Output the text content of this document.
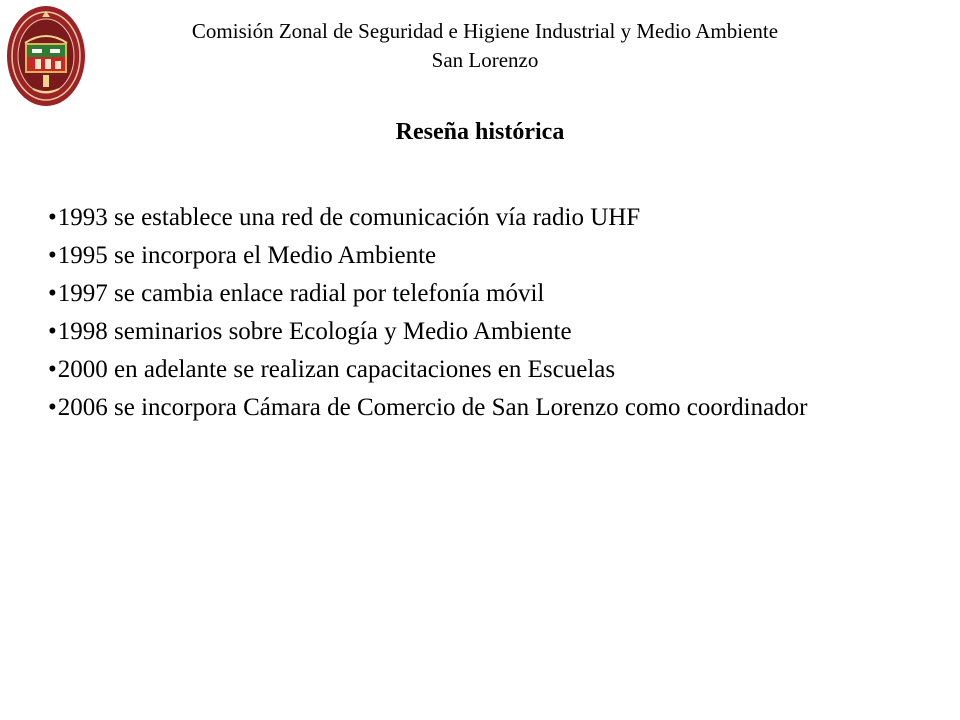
Comisión Zonal de Seguridad e Higiene Industrial y Medio Ambiente
San Lorenzo
Reseña histórica
• 1993 se establece una red de comunicación vía radio UHF
• 1995 se incorpora el Medio Ambiente
• 1997 se cambia enlace radial por telefonía móvil
• 1998 seminarios sobre Ecología y Medio Ambiente
• 2000 en adelante se realizan capacitaciones en Escuelas
• 2006 se incorpora Cámara de Comercio de San Lorenzo como coordinador
